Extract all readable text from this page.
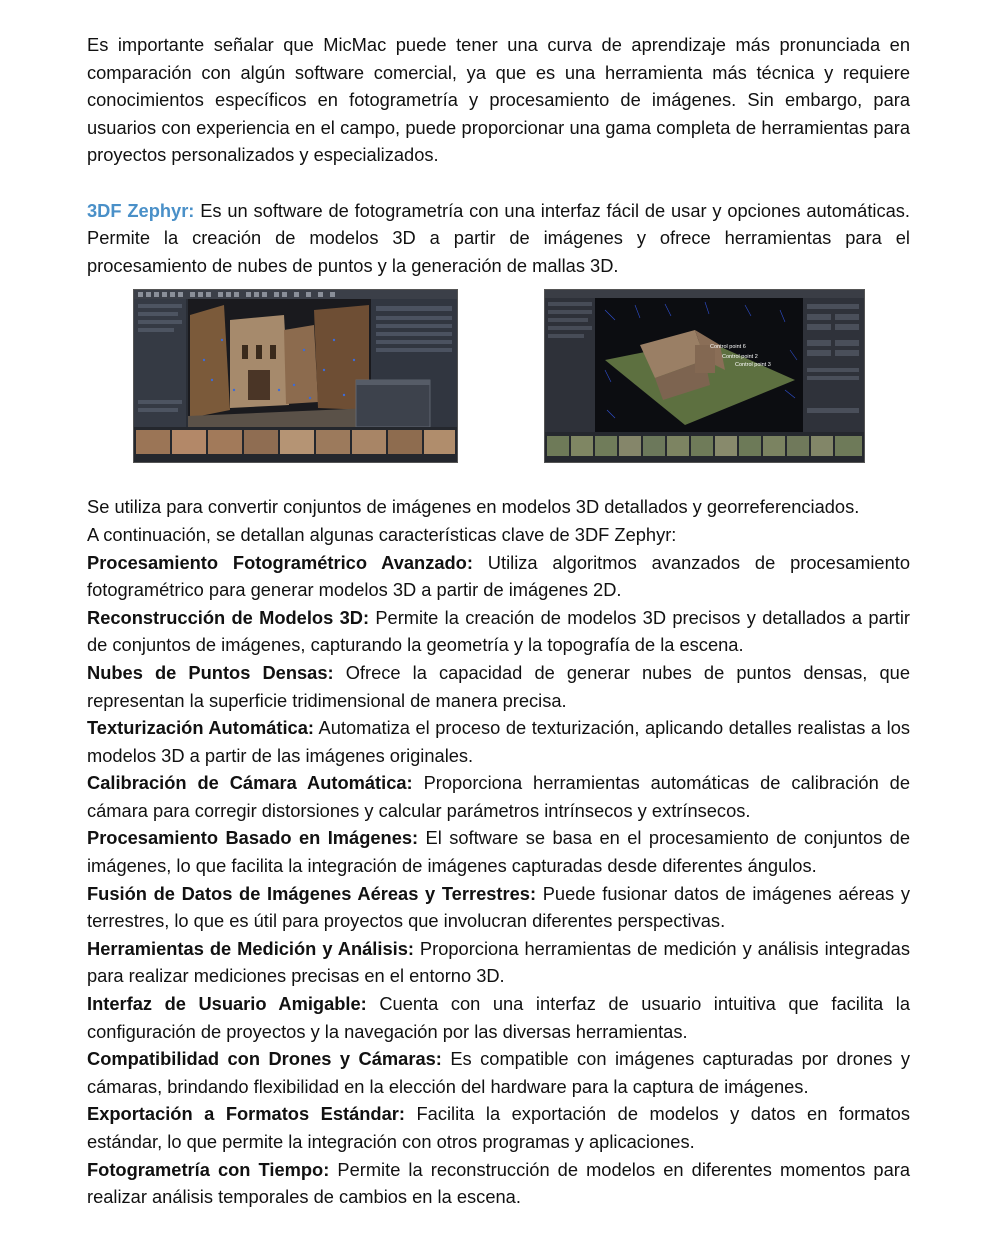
Es importante señalar que MicMac puede tener una curva de aprendizaje más pronunciada en comparación con algún software comercial, ya que es una herramienta más técnica y requiere conocimientos específicos en fotogrametría y procesamiento de imágenes. Sin embargo, para usuarios con experiencia en el campo, puede proporcionar una gama completa de herramientas para proyectos personalizados y especializados.

3DF Zephyr: Es un software de fotogrametría con una interfaz fácil de usar y opciones automáticas. Permite la creación de modelos 3D a partir de imágenes y ofrece herramientas para el procesamiento de nubes de puntos y la generación de mallas 3D.

Control point 6
Control point 2
Control point 3

Se utiliza para convertir conjuntos de imágenes en modelos 3D detallados y georreferenciados.

A continuación, se detallan algunas características clave de 3DF Zephyr:

Procesamiento Fotogramétrico Avanzado: Utiliza algoritmos avanzados de procesamiento fotogramétrico para generar modelos 3D a partir de imágenes 2D.

Reconstrucción de Modelos 3D: Permite la creación de modelos 3D precisos y detallados a partir de conjuntos de imágenes, capturando la geometría y la topografía de la escena.

Nubes de Puntos Densas: Ofrece la capacidad de generar nubes de puntos densas, que representan la superficie tridimensional de manera precisa.

Texturización Automática: Automatiza el proceso de texturización, aplicando detalles realistas a los modelos 3D a partir de las imágenes originales.

Calibración de Cámara Automática: Proporciona herramientas automáticas de calibración de cámara para corregir distorsiones y calcular parámetros intrínsecos y extrínsecos.

Procesamiento Basado en Imágenes: El software se basa en el procesamiento de conjuntos de imágenes, lo que facilita la integración de imágenes capturadas desde diferentes ángulos.

Fusión de Datos de Imágenes Aéreas y Terrestres: Puede fusionar datos de imágenes aéreas y terrestres, lo que es útil para proyectos que involucran diferentes perspectivas.

Herramientas de Medición y Análisis: Proporciona herramientas de medición y análisis integradas para realizar mediciones precisas en el entorno 3D.

Interfaz de Usuario Amigable: Cuenta con una interfaz de usuario intuitiva que facilita la configuración de proyectos y la navegación por las diversas herramientas.

Compatibilidad con Drones y Cámaras: Es compatible con imágenes capturadas por drones y cámaras, brindando flexibilidad en la elección del hardware para la captura de imágenes.

Exportación a Formatos Estándar: Facilita la exportación de modelos y datos en formatos estándar, lo que permite la integración con otros programas y aplicaciones.

Fotogrametría con Tiempo: Permite la reconstrucción de modelos en diferentes momentos para realizar análisis temporales de cambios en la escena.
